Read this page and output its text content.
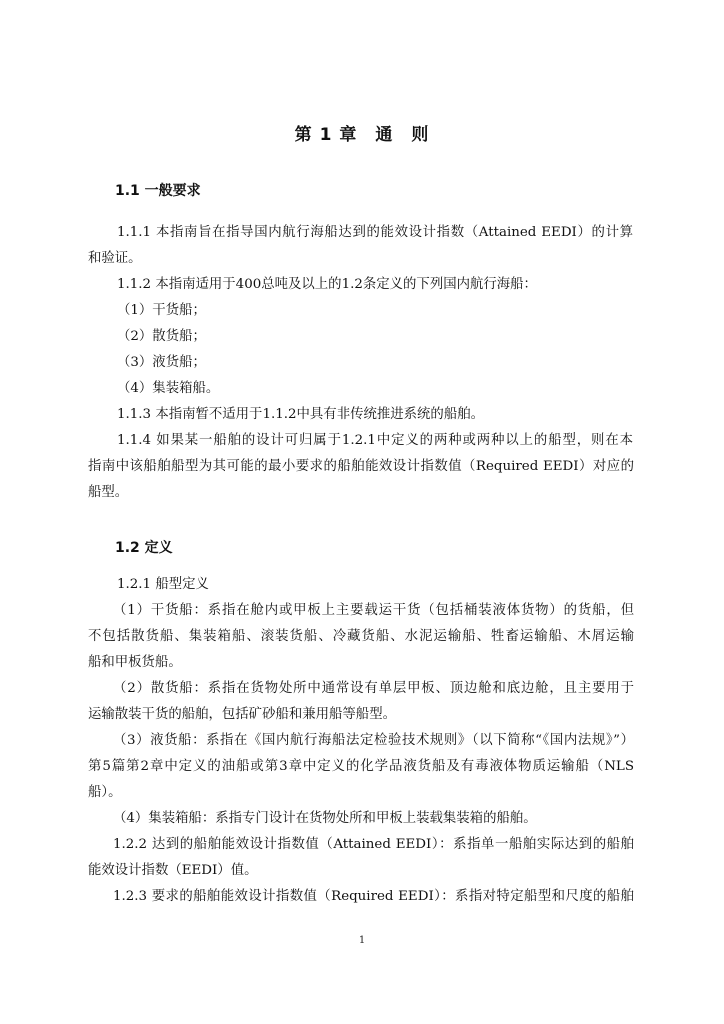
第 1 章　通　则
1.1 一般要求
1.1.1 本指南旨在指导国内航行海船达到的能效设计指数（Attained EEDI）的计算
和验证。
1.1.2 本指南适用于400总吨及以上的1.2条定义的下列国内航行海船：
（1）干货船；
（2）散货船；
（3）液货船；
（4）集装箱船。
1.1.3 本指南暂不适用于1.1.2中具有非传统推进系统的船舶。
1.1.4 如果某一船舶的设计可归属于1.2.1中定义的两种或两种以上的船型，则在本
指南中该船舶船型为其可能的最小要求的船舶能效设计指数值（Required EEDI）对应的
船型。
1.2 定义
1.2.1 船型定义
（1）干货船：系指在舱内或甲板上主要载运干货（包括桶装液体货物）的货船，但
不包括散货船、集装箱船、滚装货船、冷藏货船、水泥运输船、牲畜运输船、木屑运输
船和甲板货船。
（2）散货船：系指在货物处所中通常设有单层甲板、顶边舱和底边舱，且主要用于
运输散装干货的船舶，包括矿砂船和兼用船等船型。
（3）液货船：系指在《国内航行海船法定检验技术规则》（以下简称“《国内法规》”）
第5篇第2章中定义的油船或第3章中定义的化学品液货船及有毒液体物质运输船（NLS
船）。
（4）集装箱船：系指专门设计在货物处所和甲板上装载集装箱的船舶。
1.2.2 达到的船舶能效设计指数值（Attained EEDI）：系指单一船舶实际达到的船舶
能效设计指数（EEDI）值。
1.2.3 要求的船舶能效设计指数值（Required EEDI）：系指对特定船型和尺度的船舶
1
